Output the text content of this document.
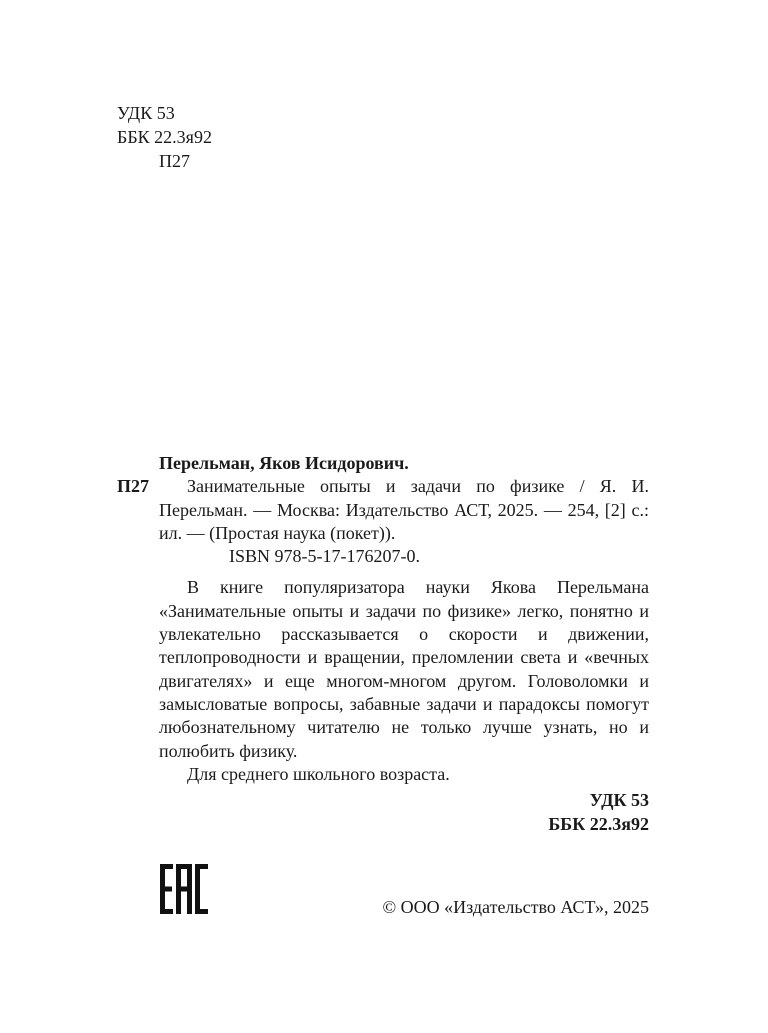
УДК 53
ББК 22.3я92
П27
Перельман, Яков Исидорович.
П27	Занимательные опыты и задачи по физике / Я. И. Перельман. — Москва: Издательство АСТ, 2025. — 254, [2] с.: ил. — (Простая наука (покет)).
ISBN 978-5-17-176207-0.
В книге популяризатора науки Якова Перельмана «Занимательные опыты и задачи по физике» легко, понятно и увлекательно рассказывается о скорости и движении, теплопроводности и вращении, преломлении света и «вечных двигателях» и еще многом-многом другом. Головоломки и замысловатые вопросы, забавные задачи и парадоксы помогут любознательному читателю не только лучше узнать, но и полюбить физику.
Для среднего школьного возраста.
УДК 53
ББК 22.3я92
© ООО «Издательство АСТ», 2025
